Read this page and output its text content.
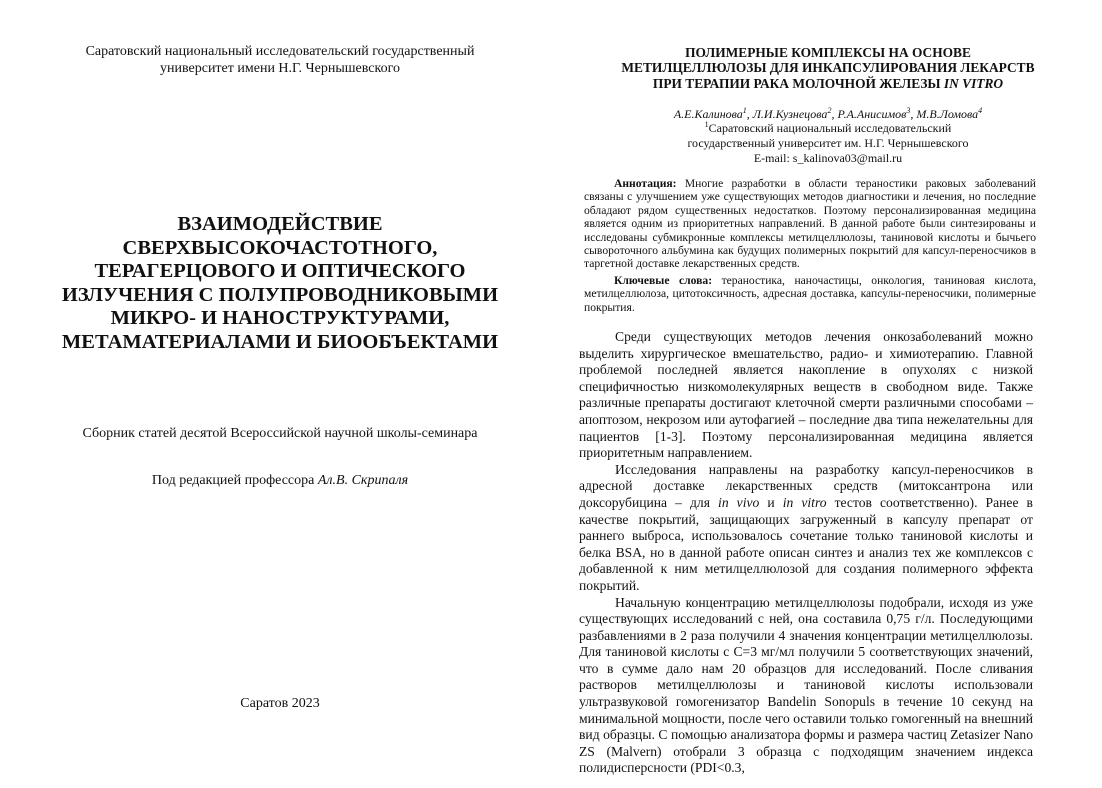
Саратовский национальный исследовательский государственный университет имени Н.Г. Чернышевского
ВЗАИМОДЕЙСТВИЕ
СВЕРХВЫСОКОЧАСТОТНОГО,
ТЕРАГЕРЦОВОГО И ОПТИЧЕСКОГО
ИЗЛУЧЕНИЯ С ПОЛУПРОВОДНИКОВЫМИ
МИКРО- И НАНОСТРУКТУРАМИ,
МЕТАМАТЕРИАЛАМИ И БИООБЪЕКТАМИ
Сборник статей десятой Всероссийской научной школы-семинара
Под редакцией профессора Ал.В. Скрипаля
Саратов 2023
ПОЛИМЕРНЫЕ КОМПЛЕКСЫ НА ОСНОВЕ
МЕТИЛЦЕЛЛЮЛОЗЫ ДЛЯ ИНКАПСУЛИРОВАНИЯ ЛЕКАРСТВ
ПРИ ТЕРАПИИ РАКА МОЛОЧНОЙ ЖЕЛЕЗЫ IN VITRO
А.Е.Калинова$^1$, Л.И.Кузнецова$^2$, Р.А.Анисимов$^3$, М.В.Ломова$^4$
$^1$Саратовский национальный исследовательский
государственный университет им. Н.Г. Чернышевского
E-mail: s_kalinova03@mail.ru
Аннотация: Многие разработки в области тераностики раковых заболеваний связаны с улучшением уже существующих методов диагностики и лечения, но последние обладают рядом существенных недостатков. Поэтому персонализированная медицина является одним из приоритетных направлений. В данной работе были синтезированы и исследованы субмикронные комплексы метилцеллюлозы, таниновой кислоты и бычьего сывороточного альбумина как будущих полимерных покрытий для капсул-переносчиков в таргетной доставке лекарственных средств.
Ключевые слова: тераностика, наночастицы, онкология, таниновая кислота, метилцеллюлоза, цитотоксичность, адресная доставка, капсулы-переносчики, полимерные покрытия.

Среди существующих методов лечения онкозаболеваний можно выделить хирургическое вмешательство, радио- и химиотерапию. Главной проблемой последней является накопление в опухолях с низкой специфичностью низкомолекулярных веществ в свободном виде. Также различные препараты достигают клеточной смерти различными способами – апоптозом, некрозом или аутофагией – последние два типа нежелательны для пациентов [1-3]. Поэтому персонализированная медицина является приоритетным направлением.

Исследования направлены на разработку капсул-переносчиков в адресной доставке лекарственных средств (митоксантрона или доксорубицина – для in vivo и in vitro тестов соответственно). Ранее в качестве покрытий, защищающих загруженный в капсулу препарат от раннего выброса, использовалось сочетание только таниновой кислоты и белка BSA, но в данной работе описан синтез и анализ тех же комплексов с добавленной к ним метилцеллюлозой для создания полимерного эффекта покрытий.

Начальную концентрацию метилцеллюлозы подобрали, исходя из уже существующих исследований с ней, она составила 0,75 г/л. Последующими разбавлениями в 2 раза получили 4 значения концентрации метилцеллюлозы. Для таниновой кислоты с С=3 мг/мл получили 5 соответствующих значений, что в сумме дало нам 20 образцов для исследований. После сливания растворов метилцеллюлозы и таниновой кислоты использовали ультразвуковой гомогенизатор Bandelin Sonopuls в течение 10 секунд на минимальной мощности, после чего оставили только гомогенный на внешний вид образцы. С помощью анализатора формы и размера частиц Zetasizer Nano ZS (Malvern) отобрали 3 образца с подходящим значением индекса полидисперсности (PDI<0.3,
